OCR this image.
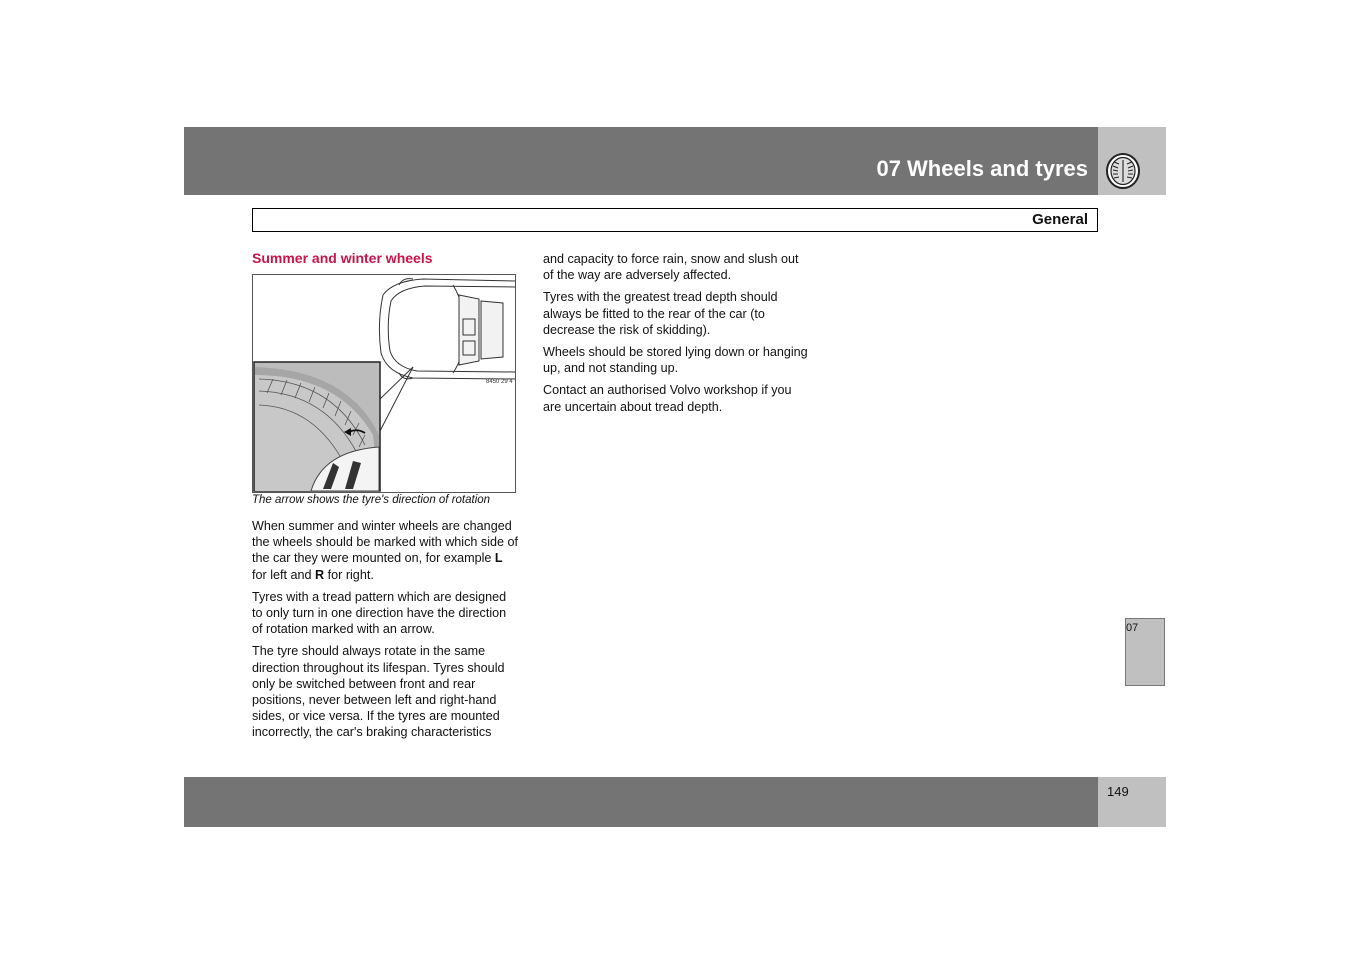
07 Wheels and tyres
General
Summer and winter wheels
8450 29 4
The arrow shows the tyre's direction of rotation

When summer and winter wheels are changed the wheels should be marked with which side of the car they were mounted on, for example L for left and R for right.

Tyres with a tread pattern which are designed to only turn in one direction have the direction of rotation marked with an arrow.

The tyre should always rotate in the same direction throughout its lifespan. Tyres should only be switched between front and rear positions, never between left and right-hand sides, or vice versa. If the tyres are mounted incorrectly, the car's braking characteristics

and capacity to force rain, snow and slush out of the way are adversely affected.

Tyres with the greatest tread depth should always be fitted to the rear of the car (to decrease the risk of skidding).

Wheels should be stored lying down or hanging up, and not standing up.

Contact an authorised Volvo workshop if you are uncertain about tread depth.

07
149
